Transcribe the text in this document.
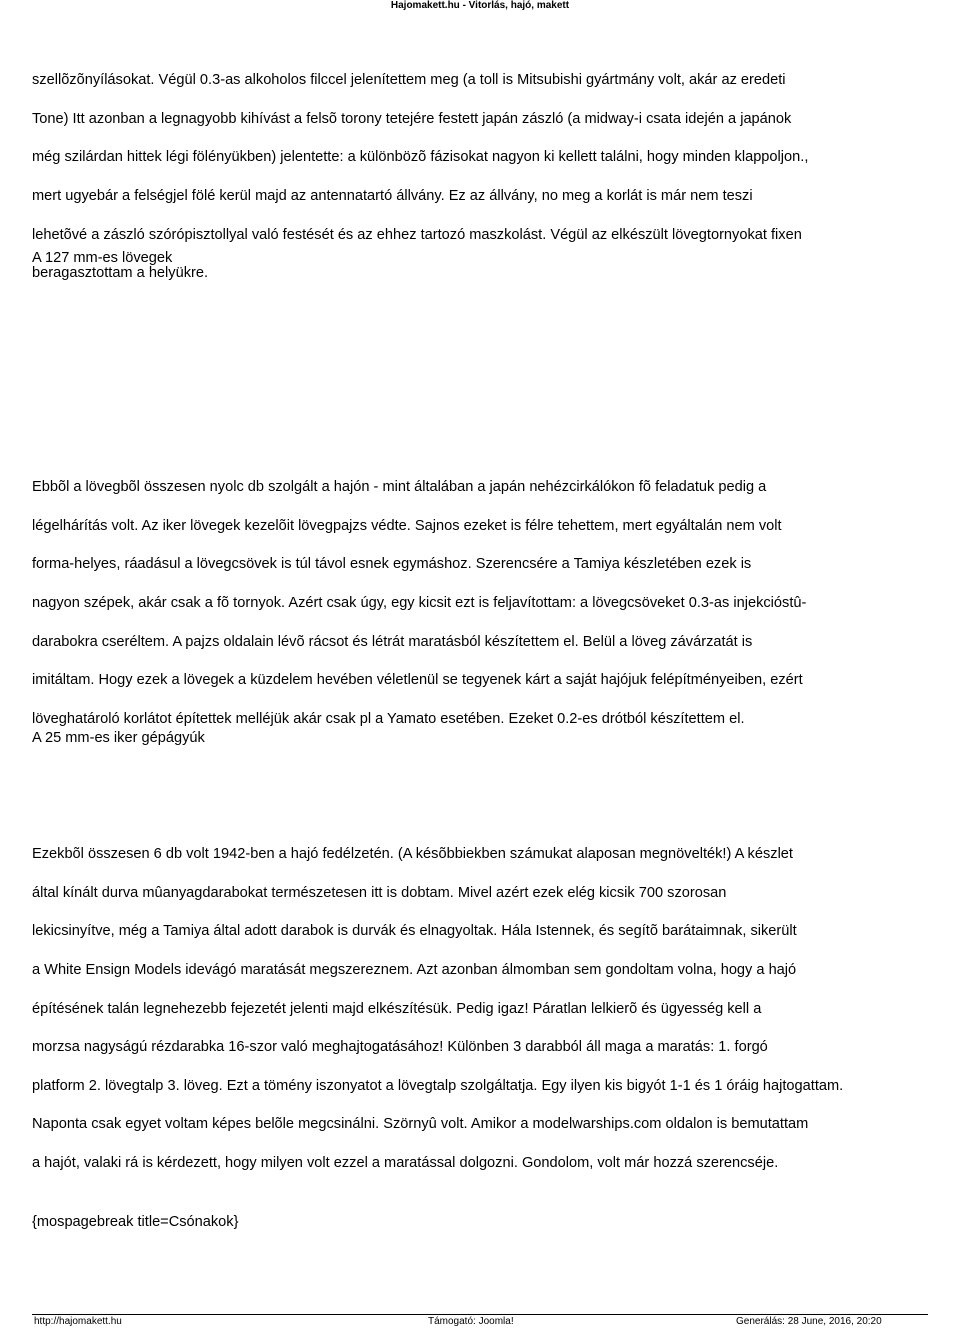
Hajomakett.hu - Vitorlás, hajó, makett

szellõzõnyílásokat. Végül 0.3-as alkoholos filccel jelenítettem meg (a toll is Mitsubishi gyártmány volt, akár az eredeti

Tone) Itt azonban a legnagyobb kihívást a felsõ torony tetejére festett japán zászló (a midway-i csata idején a japánok

még szilárdan hittek légi fölényükben) jelentette: a különbözõ fázisokat nagyon ki kellett találni, hogy minden klappoljon.,

mert ugyebár a felségjel fölé kerül majd az antennatartó állvány. Ez az állvány, no meg a korlát is már nem teszi

lehetõvé a zászló szórópisztollyal való festését és az ehhez tartozó maszkolást. Végül az elkészült lövegtornyokat fixen

beragasztottam a helyükre.

A 127 mm-es lövegek

Ebbõl a lövegbõl összesen nyolc db szolgált a hajón - mint általában a japán nehézcirkálókon fõ feladatuk pedig a

légelhárítás volt. Az iker lövegek kezelõit lövegpajzs védte. Sajnos ezeket is félre tehettem, mert egyáltalán nem volt

forma-helyes, ráadásul a lövegcsövek is túl távol esnek egymáshoz. Szerencsére a Tamiya készletében ezek is

nagyon szépek, akár csak a fõ tornyok. Azért csak úgy, egy kicsit ezt is feljavítottam: a lövegcsöveket 0.3-as injekcióstû-

darabokra cseréltem. A pajzs oldalain lévõ rácsot és létrát maratásból készítettem el. Belül a löveg závárzatát is

imitáltam. Hogy ezek a lövegek a küzdelem hevében véletlenül se tegyenek kárt a saját hajójuk felépítményeiben, ezért

löveghatároló korlátot építettek melléjük akár csak pl a Yamato esetében. Ezeket 0.2-es drótból készítettem el.

A 25 mm-es iker gépágyúk

Ezekbõl összesen 6 db volt 1942-ben a hajó fedélzetén. (A késõbbiekben számukat alaposan megnövelték!) A készlet

által kínált durva mûanyagdarabokat természetesen itt is dobtam. Mivel azért ezek elég kicsik 700 szorosan

lekicsinyítve, még a Tamiya által adott darabok is durvák és elnagyoltak. Hála Istennek, és segítõ barátaimnak, sikerült

a White Ensign Models idevágó maratását megszereznem. Azt azonban álmomban sem gondoltam volna, hogy a hajó

építésének talán legnehezebb fejezetét jelenti majd elkészítésük. Pedig igaz! Páratlan lelkierõ és ügyesség kell a

morzsa nagyságú rézdarabka 16-szor való meghajtogatásához! Különben 3 darabból áll maga a maratás: 1. forgó

platform 2. lövegtalp 3. löveg. Ezt a tömény iszonyatot a lövegtalp szolgáltatja. Egy ilyen kis bigyót 1-1 és 1 óráig hajtogattam.

Naponta csak egyet voltam képes belõle megcsinálni. Szörnyû volt. Amikor a modelwarships.com oldalon is bemutattam

a hajót, valaki rá is kérdezett, hogy milyen volt ezzel a maratással dolgozni. Gondolom, volt már hozzá szerencséje.

{mospagebreak title=Csónakok}

http://hajomakett.hu	Támogató: Joomla!	Generálás: 28 June, 2016, 20:20
